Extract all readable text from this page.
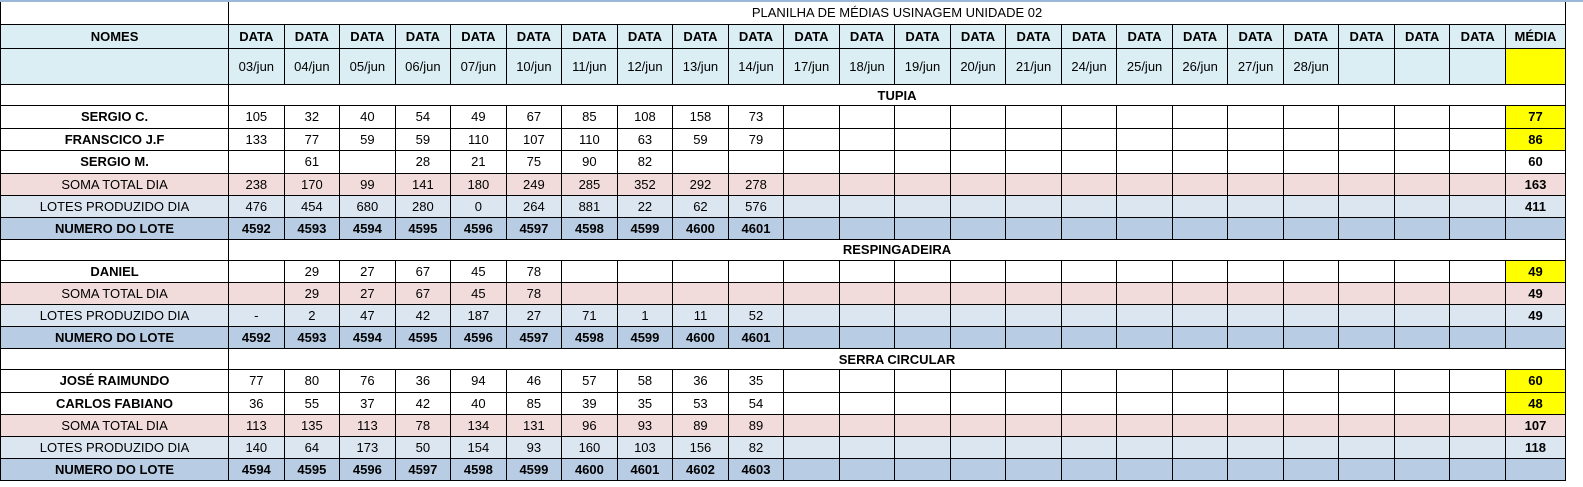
	PLANILHA DE MÉDIAS USINAGEM UNIDADE 02																							
NOMES	DATA	DATA	DATA	DATA	DATA	DATA	DATA	DATA	DATA	DATA	DATA	DATA	DATA	DATA	DATA	DATA	DATA	DATA	DATA	DATA	DATA	DATA	DATA	MÉDIA
	03/jun	04/jun	05/jun	06/jun	07/jun	10/jun	11/jun	12/jun	13/jun	14/jun	17/jun	18/jun	19/jun	20/jun	21/jun	24/jun	25/jun	26/jun	27/jun	28/jun				
	TUPIA																							
SERGIO C.	105	32	40	54	49	67	85	108	158	73														77
FRANSCICO J.F	133	77	59	59	110	107	110	63	59	79														86
SERGIO M.		61		28	21	75	90	82																60
SOMA TOTAL DIA	238	170	99	141	180	249	285	352	292	278														163
LOTES PRODUZIDO DIA	476	454	680	280	0	264	881	22	62	576														411
NUMERO DO LOTE	4592	4593	4594	4595	4596	4597	4598	4599	4600	4601														
	RESPINGADEIRA																							
DANIEL		29	27	67	45	78																		49
SOMA TOTAL DIA		29	27	67	45	78																		49
LOTES PRODUZIDO DIA	-	2	47	42	187	27	71	1	11	52														49
NUMERO DO LOTE	4592	4593	4594	4595	4596	4597	4598	4599	4600	4601														
	SERRA CIRCULAR																							
JOSÉ RAIMUNDO	77	80	76	36	94	46	57	58	36	35														60
CARLOS FABIANO	36	55	37	42	40	85	39	35	53	54														48
SOMA TOTAL DIA	113	135	113	78	134	131	96	93	89	89														107
LOTES PRODUZIDO DIA	140	64	173	50	154	93	160	103	156	82														118
NUMERO DO LOTE	4594	4595	4596	4597	4598	4599	4600	4601	4602	4603														
